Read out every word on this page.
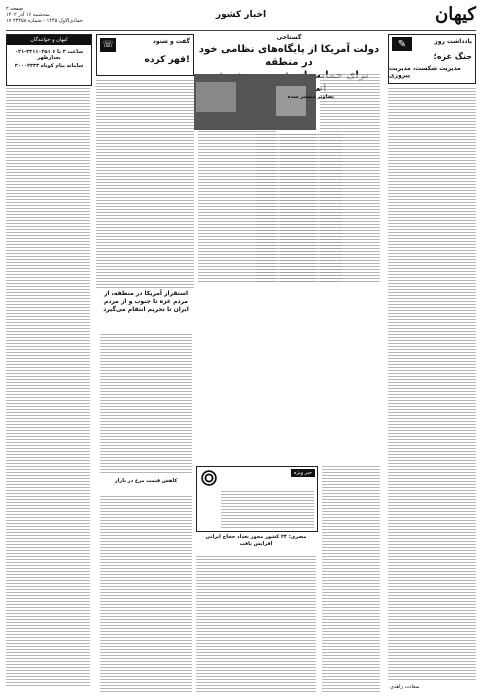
صفحه ۲
سه‌شنبه ۱۶ آذر ۱۴۰۲
۱۷ جمادی‌الاول ۱۴۴۵ - شماره ۲۳۴۵۸
اخبار کشور	کیهان
یادداشت روز
✎
جنگ غزه؛
مدیریت شکست، مدیریت پیروزی
سعادت زاهدی
گستاخی
دولت آمریکا از پایگاه‌های نظامی خود در منطقه
تصاویر منتشر شده
کیهان و خوانندگان
۰۲۱-۳۳۱۱۰۲۵۱ ساعت ۳ تا ۶ بعدازظهر
سامانه پیام کوتاه ۳۰۰۰۲۳۳۳
استقرار آمریکا در منطقه، از مردم غزه تا جنوب و از مردم ایران تا تحریم انتقام می‌گیرد
خبر ویژه
مصری: ۲۴ کشور مجوز تعداد حجاج ایرانی افزایش یافت
کاهش قیمت مرغ در بازار
گفت و شنود
☏
قهر کرده!
